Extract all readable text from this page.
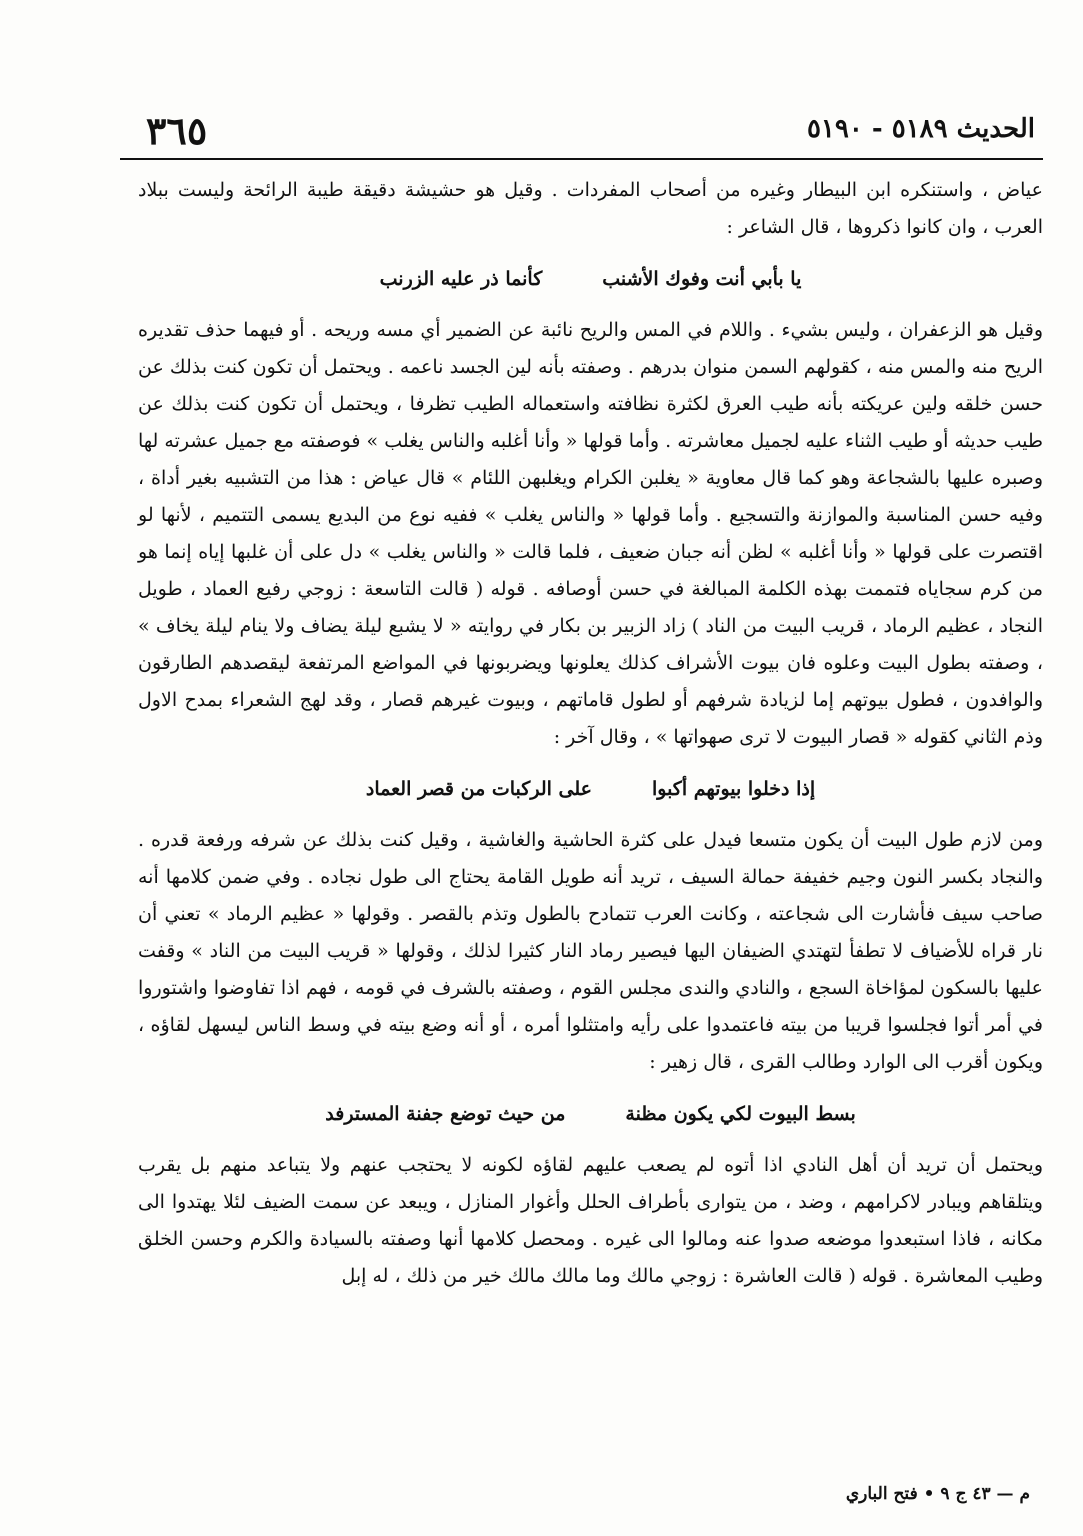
الحديث ٥١٨٩ - ٥١٩٠
٣٦٥

عياض ، واستنكره ابن البيطار وغيره من أصحاب المفردات . وقيل هو حشيشة دقيقة طيبة الرائحة وليست ببلاد العرب ، وان كانوا ذكروها ، قال الشاعر :

يا بأبي أنت وفوك الأشنب
كأنما ذر عليه الزرنب

وقيل هو الزعفران ، وليس بشيء . واللام في المس والريح نائبة عن الضمير أي مسه وريحه . أو فيهما حذف تقديره الريح منه والمس منه ، كقولهم السمن منوان بدرهم . وصفته بأنه لين الجسد ناعمه . ويحتمل أن تكون كنت بذلك عن حسن خلقه ولين عريكته بأنه طيب العرق لكثرة نظافته واستعماله الطيب تظرفا ، ويحتمل أن تكون كنت بذلك عن طيب حديثه أو طيب الثناء عليه لجميل معاشرته . وأما قولها « وأنا أغلبه والناس يغلب » فوصفته مع جميل عشرته لها وصبره عليها بالشجاعة وهو كما قال معاوية « يغلبن الكرام ويغلبهن اللئام » قال عياض : هذا من التشبيه بغير أداة ، وفيه حسن المناسبة والموازنة والتسجيع . وأما قولها « والناس يغلب » ففيه نوع من البديع يسمى التتميم ، لأنها لو اقتصرت على قولها « وأنا أغلبه » لظن أنه جبان ضعيف ، فلما قالت « والناس يغلب » دل على أن غلبها إياه إنما هو من كرم سجاياه فتممت بهذه الكلمة المبالغة في حسن أوصافه . قوله ( قالت التاسعة : زوجي رفيع العماد ، طويل النجاد ، عظيم الرماد ، قريب البيت من الناد ) زاد الزبير بن بكار في روايته « لا يشبع ليلة يضاف ولا ينام ليلة يخاف » ، وصفته بطول البيت وعلوه فان بيوت الأشراف كذلك يعلونها ويضربونها في المواضع المرتفعة ليقصدهم الطارقون والوافدون ، فطول بيوتهم إما لزيادة شرفهم أو لطول قاماتهم ، وبيوت غيرهم قصار ، وقد لهج الشعراء بمدح الاول وذم الثاني كقوله « قصار البيوت لا ترى صهواتها » ، وقال آخر :

إذا دخلوا بيوتهم أكبوا
على الركبات من قصر العماد

ومن لازم طول البيت أن يكون متسعا فيدل على كثرة الحاشية والغاشية ، وقيل كنت بذلك عن شرفه ورفعة قدره . والنجاد بكسر النون وجيم خفيفة حمالة السيف ، تريد أنه طويل القامة يحتاج الى طول نجاده . وفي ضمن كلامها أنه صاحب سيف فأشارت الى شجاعته ، وكانت العرب تتمادح بالطول وتذم بالقصر . وقولها « عظيم الرماد » تعني أن نار قراه للأضياف لا تطفأ لتهتدي الضيفان اليها فيصير رماد النار كثيرا لذلك ، وقولها « قريب البيت من الناد » وقفت عليها بالسكون لمؤاخاة السجع ، والنادي والندى مجلس القوم ، وصفته بالشرف في قومه ، فهم اذا تفاوضوا واشتوروا في أمر أتوا فجلسوا قريبا من بيته فاعتمدوا على رأيه وامتثلوا أمره ، أو أنه وضع بيته في وسط الناس ليسهل لقاؤه ، ويكون أقرب الى الوارد وطالب القرى ، قال زهير :

بسط البيوت لكي يكون مظنة
من حيث توضع جفنة المسترفد

ويحتمل أن تريد أن أهل النادي اذا أتوه لم يصعب عليهم لقاؤه لكونه لا يحتجب عنهم ولا يتباعد منهم بل يقرب ويتلقاهم ويبادر لاكرامهم ، وضد ، من يتوارى بأطراف الحلل وأغوار المنازل ، ويبعد عن سمت الضيف لئلا يهتدوا الى مكانه ، فاذا استبعدوا موضعه صدوا عنه ومالوا الى غيره . ومحصل كلامها أنها وصفته بالسيادة والكرم وحسن الخلق وطيب المعاشرة . قوله ( قالت العاشرة : زوجي مالك وما مالك مالك خير من ذلك ، له إبل

م — ٤٣ ج ٩ • فتح الباري
